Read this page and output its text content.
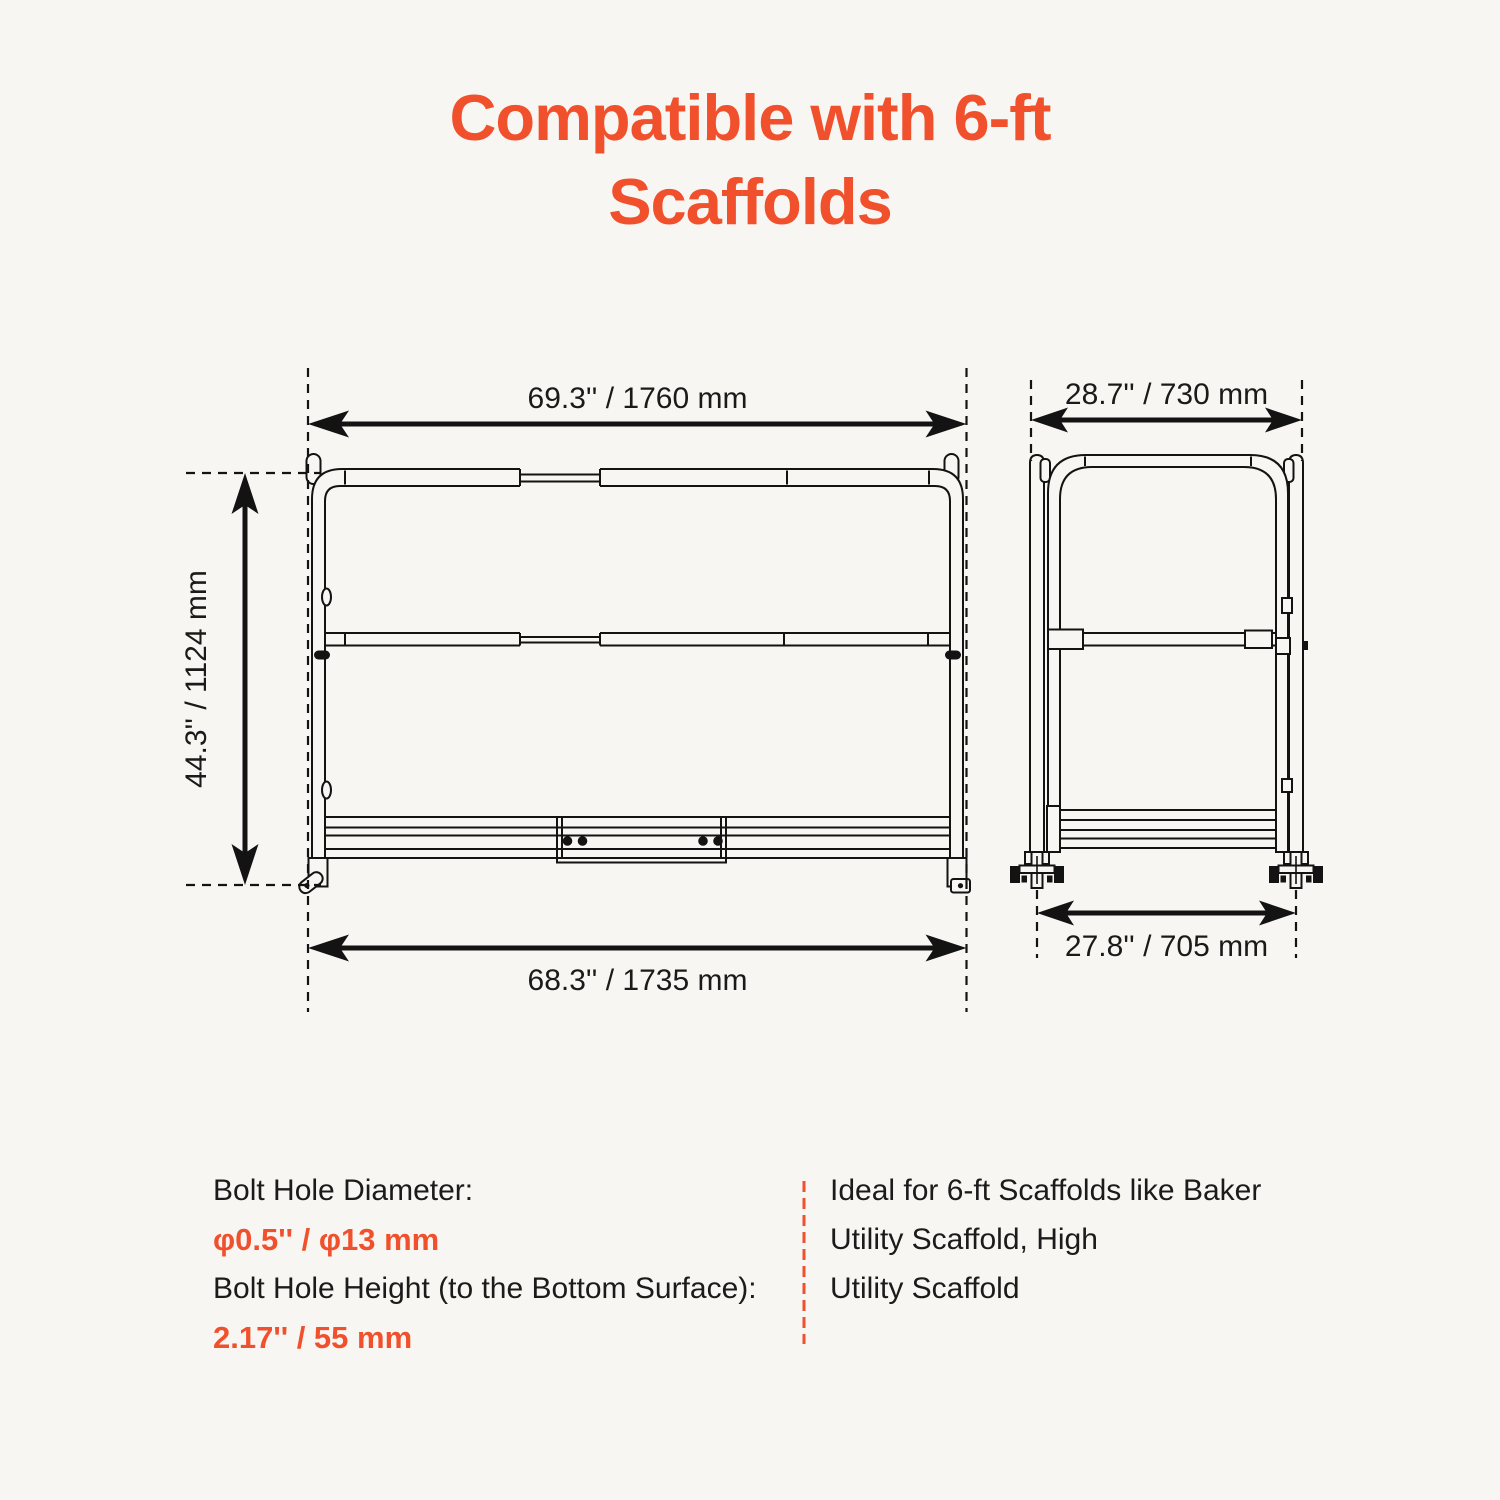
Compatible with 6-ft
Scaffolds
69.3'' / 1760 mm
44.3'' / 1124 mm
68.3'' / 1735 mm
28.7'' / 730 mm
27.8'' / 705 mm
Bolt Hole Diameter:
φ0.5'' / φ13 mm
Bolt Hole Height (to the Bottom Surface):
2.17'' / 55 mm
Ideal for 6-ft Scaffolds like Baker
Utility Scaffold, High
Utility Scaffold
